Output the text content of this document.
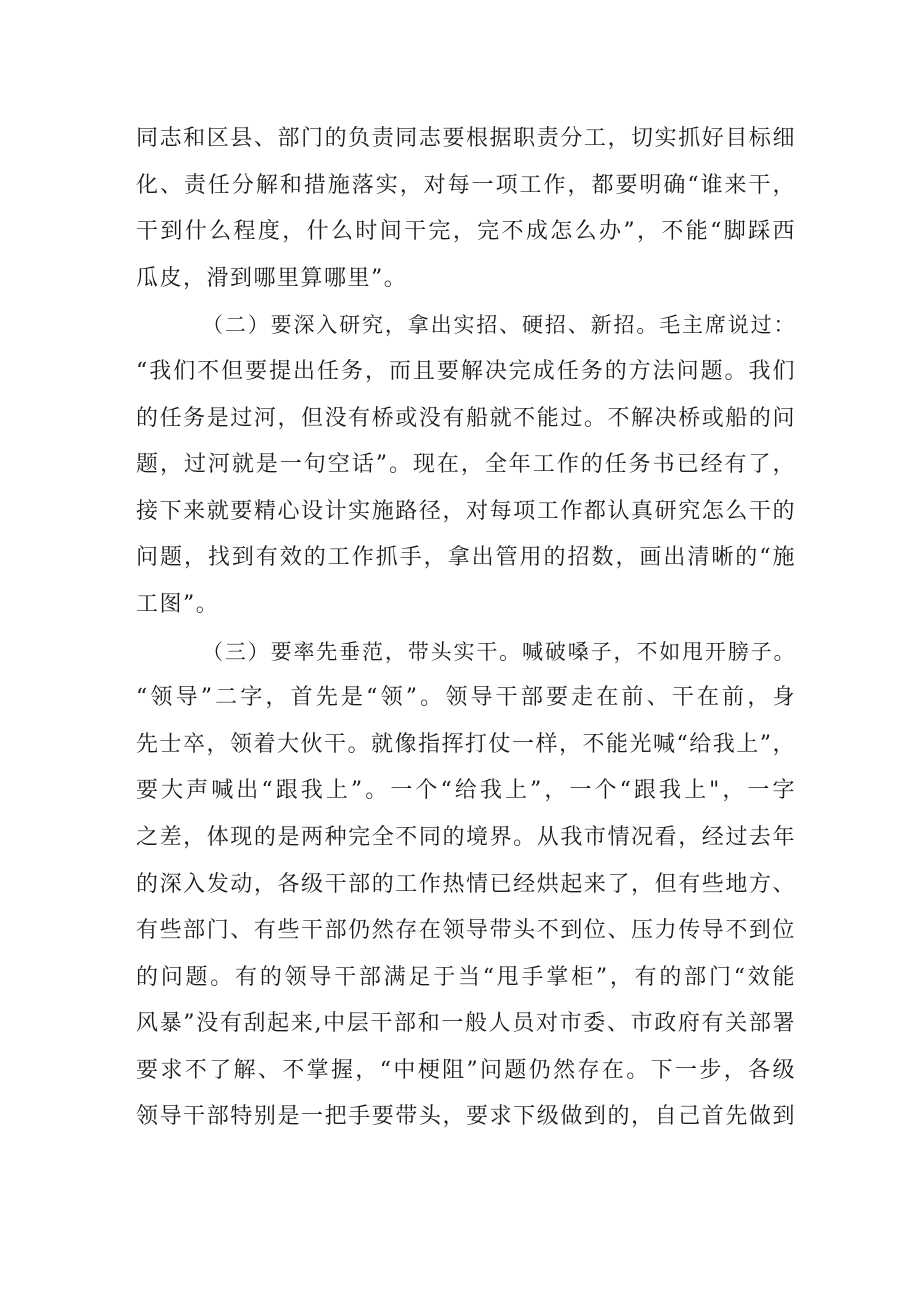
同志和区县、部门的负责同志要根据职责分工，切实抓好目标细
化、责任分解和措施落实，对每一项工作，都要明确“谁来干，
干到什么程度，什么时间干完，完不成怎么办”，不能“脚踩西
瓜皮，滑到哪里算哪里”。
（二）要深入研究，拿出实招、硬招、新招。毛主席说过：
“我们不但要提出任务，而且要解决完成任务的方法问题。我们
的任务是过河，但没有桥或没有船就不能过。不解决桥或船的问
题，过河就是一句空话”。现在，全年工作的任务书已经有了，
接下来就要精心设计实施路径，对每项工作都认真研究怎么干的
问题，找到有效的工作抓手，拿出管用的招数，画出清晰的“施
工图”。
（三）要率先垂范，带头实干。喊破嗓子，不如甩开膀子。
“领导”二字，首先是“领”。领导干部要走在前、干在前，身
先士卒，领着大伙干。就像指挥打仗一样，不能光喊“给我上”，
要大声喊出“跟我上”。一个“给我上”，一个“跟我上"，一字
之差，体现的是两种完全不同的境界。从我市情况看，经过去年
的深入发动，各级干部的工作热情已经烘起来了，但有些地方、
有些部门、有些干部仍然存在领导带头不到位、压力传导不到位
的问题。有的领导干部满足于当“甩手掌柜”，有的部门“效能
风暴”没有刮起来,中层干部和一般人员对市委、市政府有关部署
要求不了解、不掌握，“中梗阻”问题仍然存在。下一步，各级
领导干部特别是一把手要带头，要求下级做到的，自己首先做到
